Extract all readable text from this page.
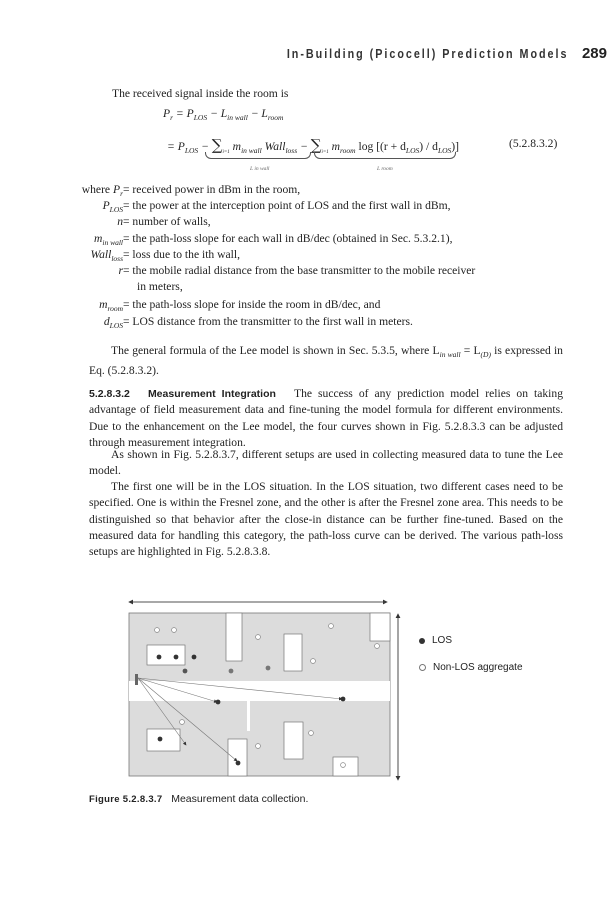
In-Building (Picocell) Prediction Models 289
The received signal inside the room is
$P_r = P_{LOS} - L_{in wall} - L_{room}$
= $P_{LOS} - \sum_{i=1}$ $m_{in wall}$ Wall$_{loss}$ − $\sum_{i=1}$ $m_{room}$ $\log [(r + d_{LOS}) / d_{LOS})$]	(5.2.8.3.2)
L in wall	L room
where $P_r$ = received power in dBm in the room,
$P_{LOS}$ = the power at the interception point of LOS and the first wall in dBm,
n = number of walls,
$m_{in wall}$ = the path-loss slope for each wall in dB/dec (obtained in Sec. 5.3.2.1),
Wall$_{loss}$ = loss due to the ith wall,
r = the mobile radial distance from the base transmitter to the mobile receiver
in meters,
$m_{room}$ = the path-loss slope for inside the room in dB/dec, and
$d_{LOS}$ = LOS distance from the transmitter to the first wall in meters.

The general formula of the Lee model is shown in Sec. 5.3.5, where $L_{in wall} = L_{(D)}$ is expressed in Eq. (5.2.8.3.2).

5.2.8.3.2 Measurement Integration The success of any prediction model relies on taking advantage of field measurement data and fine-tuning the model formula for different environments. Due to the enhancement on the Lee model, the four curves shown in Fig. 5.2.8.3.3 can be adjusted through measurement integration.

As shown in Fig. 5.2.8.3.7, different setups are used in collecting measured data to tune the Lee model.

The first one will be in the LOS situation. In the LOS situation, two different cases need to be specified. One is within the Fresnel zone, and the other is after the Fresnel zone area. This needs to be distinguished so that behavior after the close-in distance can be further fine-tuned. Based on the measured data for handling this category, the path-loss curve can be derived. The various path-loss setups are highlighted in Fig. 5.2.8.3.8.

LOS
Non-LOS aggregate
Figure 5.2.8.3.7 Measurement data collection.
